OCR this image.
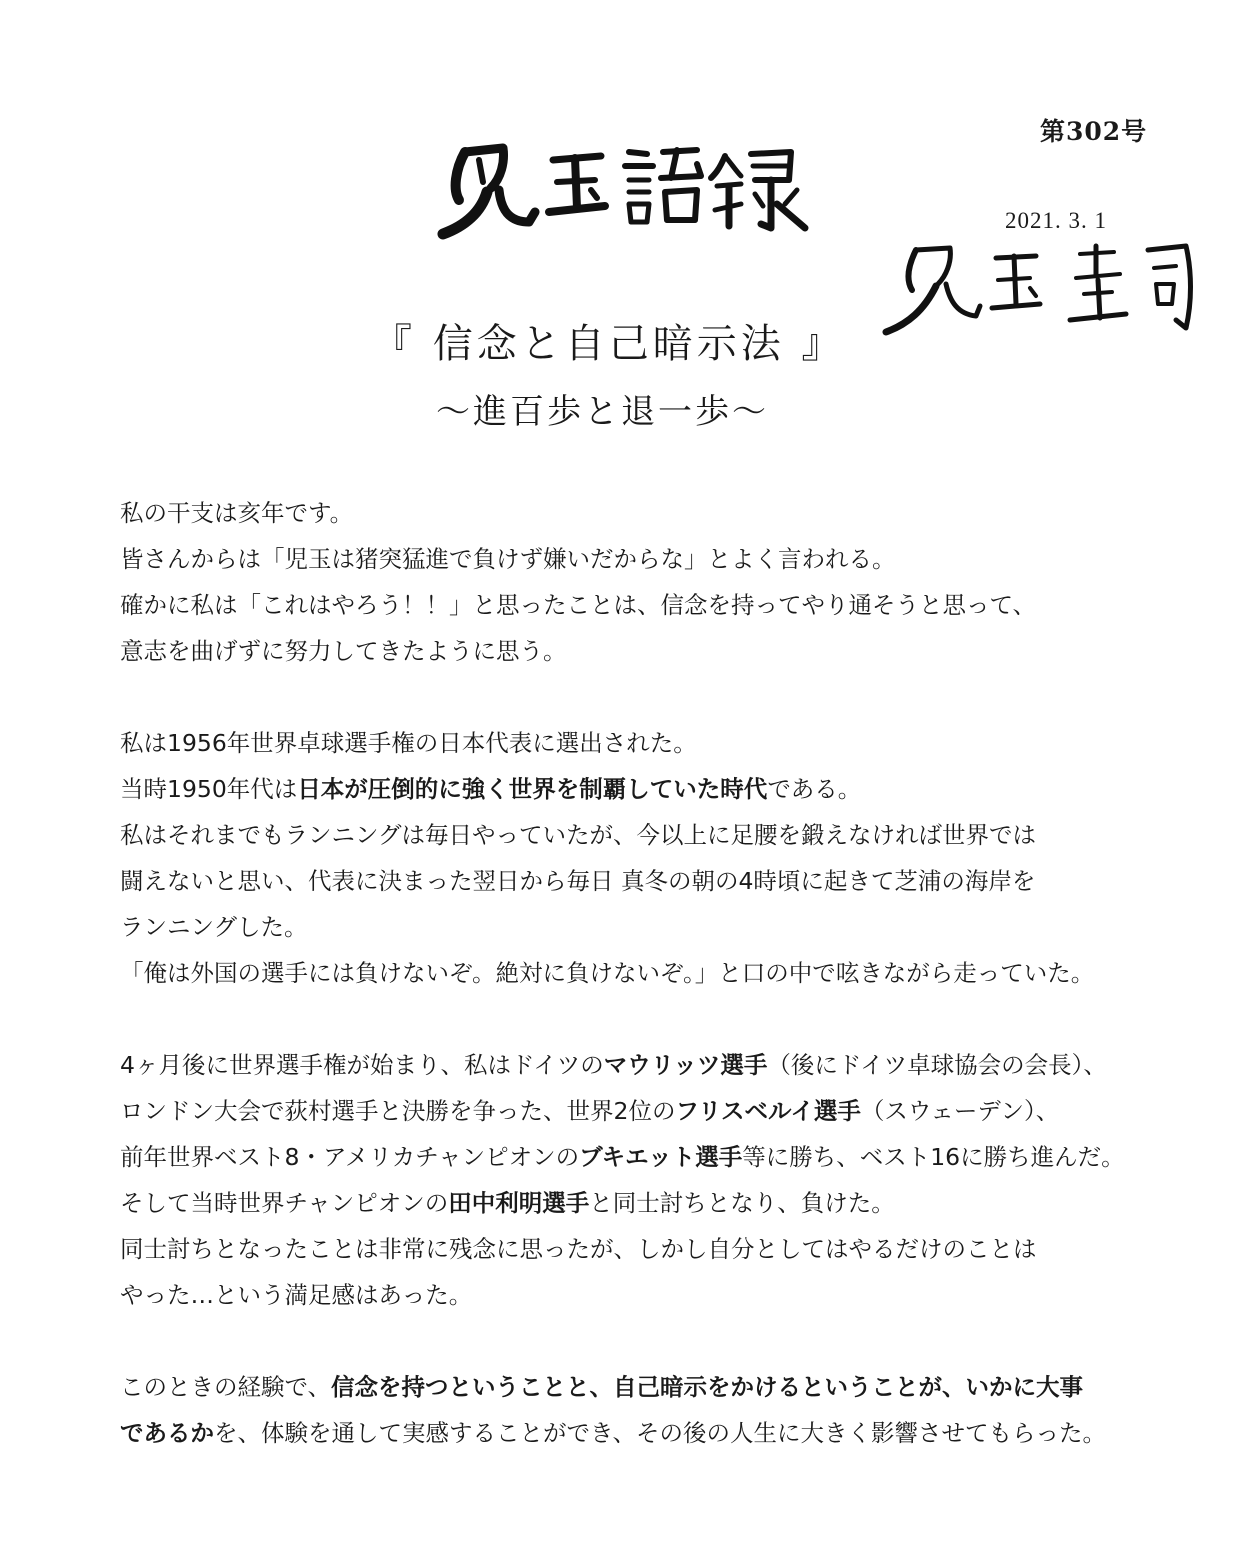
第302号
2021. 3. 1
『 信念と自己暗示法 』
〜進百歩と退一歩〜
私の干支は亥年です。
皆さんからは「児玉は猪突猛進で負けず嫌いだからな」とよく言われる。
確かに私は「これはやろう！！」と思ったことは、信念を持ってやり通そうと思って、
意志を曲げずに努力してきたように思う。
私は1956年世界卓球選手権の日本代表に選出された。
当時1950年代は日本が圧倒的に強く世界を制覇していた時代である。
私はそれまでもランニングは毎日やっていたが、今以上に足腰を鍛えなければ世界では
闘えないと思い、代表に決まった翌日から毎日 真冬の朝の4時頃に起きて芝浦の海岸を
ランニングした。
「俺は外国の選手には負けないぞ。絶対に負けないぞ。」と口の中で呟きながら走っていた。
4ヶ月後に世界選手権が始まり、私はドイツのマウリッツ選手（後にドイツ卓球協会の会長）、
ロンドン大会で荻村選手と決勝を争った、世界2位のフリスベルイ選手（スウェーデン）、
前年世界ベスト8・アメリカチャンピオンのブキエット選手等に勝ち、ベスト16に勝ち進んだ。
そして当時世界チャンピオンの田中利明選手と同士討ちとなり、負けた。
同士討ちとなったことは非常に残念に思ったが、しかし自分としてはやるだけのことは
やった…という満足感はあった。
このときの経験で、信念を持つということと、自己暗示をかけるということが、いかに大事
であるかを、体験を通して実感することができ、その後の人生に大きく影響させてもらった。
